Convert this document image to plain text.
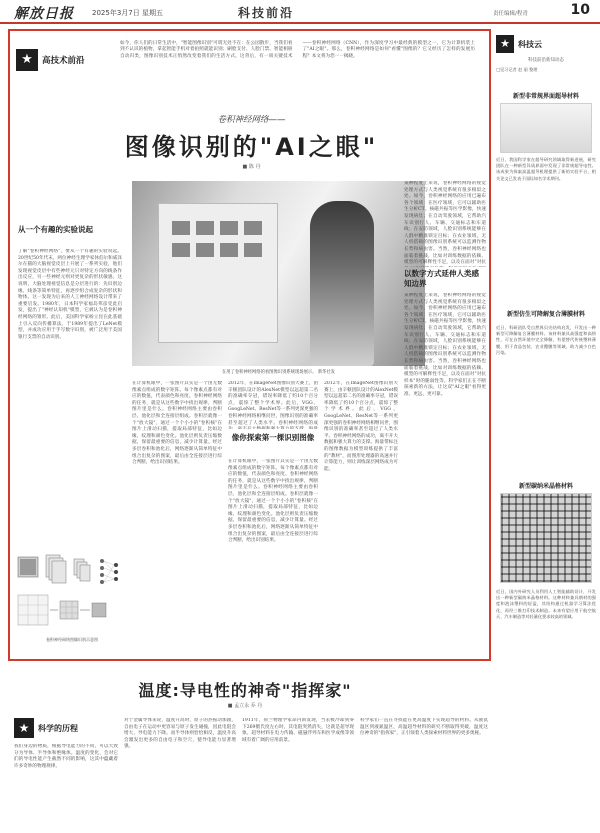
解放日报	2025年3月7日 星期五	科技前沿	责任编辑/程青	10
★	高技术前沿
如今，你人们的日常生活中，"智能图像识别"可谓无处不在：在公园散步，当我们看到不认识的植物，拿起智能手机对着拍照就能识别；刷脸支付、人脸门禁、智能相册自动归类，图像识别技术正悄然改变着我们的生活方式。这背后，有一项关键技术——卷积神经网络（CNN），作为深度学习中最经典的模型之一，它为计算机装上了"AI之眼"。那么，卷积神经网络是如何"看懂"图像的？它又经历了怎样的发展历程？本文将为您一一揭晓。
卷积神经网络——
图像识别的"AI之眼"
■ 陈 丹
从一个有趣的实验说起
了解"卷积神经网络"，要从一个有趣的实验说起。20世纪50年代末，两位神经生理学家休伯尔和威泽尔在猫的大脑视觉皮层上开展了一系列实验，他们发现视觉皮层中有些神经元只对特定方向的线条作出反应，另一些神经元则对更复杂的形状敏感。这说明，大脑处理视觉信息是分层进行的：先识别边缘、线条等简单特征，再逐步组合成复杂的形状和物体。这一发现为后来的人工神经网络设计带来了重要启发。1980年，日本科学家福岛邦彦受此启发，提出了"神经认知机"模型，它被认为是卷积神经网络的雏形。此后，美国科学家杨立昆在此基础上引入反向传播算法，于1989年提出了LeNet模型，并成功应用于手写数字识别，被广泛用于美国银行支票的自动识别。
在用了卷积神经网络的看图像识别系统现场展示。 新华社发
在计算机眼中，一张图片其实是一个由无数像素点组成的数字矩阵。每个像素点都有对应的数值，代表颜色和亮度。卷积神经网络的任务，就是从这些数字中找出规律，判断图片里是什么。卷积神经网络主要由卷积层、池化层和全连接层组成。卷积层就像一个"放大镜"，通过一个个小小的"卷积核"在图片上滑动扫描，提取局部特征，比如边缘、纹理和颜色变化。池化层则负责压缩数据，保留最重要的信息，减少计算量。经过多层卷积和池化后，网络逐渐从简单特征中组合出复杂的图案，最后由全连接层进行综合判断，给出识别结果。
像你探索第一棵识别图像
2012年，在ImageNet图像识别大赛上，由辛顿团队设计的AlexNet模型以远超第二名的准确率夺冠，错误率降低了约10个百分点，震惊了整个学术界。此后，VGG、GoogLeNet、ResNet等一系列更深更强的卷积神经网络相继问世，图像识别的准确率甚至超过了人类水平。卷积神经网络的成
在计算机眼中，一张图片其实是一个由无数像素点组成的数字矩阵。每个像素点都有对应的数值，代表颜色和亮度。卷积神经网络的任务，就是从这些数字中找出规律，判断图片里是什么。卷积神经网络主要由卷积层、池化层和全连接层组成。卷积层就像一个"放大镜"，通过一个个小小的"卷积核"在图片上滑动扫描，提取局部特征，比如边缘、纹理和颜色变化。池化层则负责压缩数据，保留最重要的信息，减少计算量。经过多层卷积和池化后，网络逐渐从简单特征中组合出复杂的图案，最后由全连接层进行综合判断，给出识别结果。
2012年，在ImageNet图像识别大赛上，由辛顿团队设计的AlexNet模型以远超第二名的准确率夺冠，错误率降低了约10个百分点，震惊了整个学术界。此后，VGG、GoogLeNet、ResNet等一系列更深更强的卷积神经网络相继问世，图像识别的准确率甚至超过了人类水平。卷积神经网络的成功，离不开大数据和强大算力的支撑。海量带标注的图像数据为模型训练提供了丰富的"教材"，而图形处理器的高速并行计算能力，则让训练深层网络成为可能。
某种程度上来说，卷积神经网络的视觉处理方式与人类视觉系统有很多相似之处。如今，卷积神经网络的应用已遍布各个领域：在医疗领域，它可以辅助医生分析CT、核磁共振等医学影像，快速发现病灶；在自动驾驶领域，它帮助汽车识别行人、车辆、交通标志和车道线；在安防领域，人脸识别系统能够在人群中精准锁定目标；在农业领域，无人机搭载的图像识别系统可以监测作物长势和病虫害。当然，卷积神经网络也面临着挑战，比如对训练数据的依赖、模型的可解释性不足，以及在面对"对抗
以数字方式延伸人类感知边界
某种程度上来说，卷积神经网络的视觉处理方式与人类视觉系统有很多相似之处。如今，卷积神经网络的应用已遍布各个领域：在医疗领域，它可以辅助医生分析CT、核磁共振等医学影像，快速发现病灶；在自动驾驶领域，它帮助汽车识别行人、车辆、交通标志和车道线；在安防领域，人脸识别系统能够在人群中精准锁定目标；在农业领域，无人机搭载的图像识别系统可以监测作物长势和病虫害。当然，卷积神经网络也面临着挑战，比如对训练数据的依赖、模型的可解释性不足，以及在面对"对抗样本"时的脆弱性等。科学家们正在不断探索新的方法，让这双"AI之眼"看得更准、更远、更可靠。
卷积神经网络图像识别示意图
★	科技云
科技前沿新知动态
□见习记者 赵 丽 整理
新型非常规界面超导材料
近日，我国科学家在超导研究领域取得新进展，研究团队在一种新型异质界面中发现了非常规超导电性。该成果为探索高温超导机理提供了新的实验平台，相关论文已发表于国际知名学术期刊。
新型仿生可降解复合薄膜材料
近日，科研团队受自然界贝壳结构启发，开发出一种新型可降解复合薄膜材料。该材料兼具高强度和高韧性，可在自然环境中完全降解，有望替代传统塑料薄膜，用于食品包装、农业覆膜等领域，助力减少白色污染。
新型碳纳米晶格材料
近日，国内外研究人员利用人工智能辅助设计，开发出一种新型碳纳米晶格材料。这种材料兼具钢材的强度和泡沫塑料的轻盈，其结构通过机器学习算法优化，再经三维打印技术制造。未来有望应用于航空航天、汽车制造等对轻量化要求较高的领域。
温度:导电性的神奇"指挥家"
■ 孟立永 乔 丹
★	科学的历程
我们身边的物质，根据导电能力的不同，可以大致分为导体、半导体和绝缘体。温度的变化，会对它们的导电性能产生截然不同的影响，这其中蕴藏着许多奇妙的物理规律。
对于金属导体来说，温度升高时，原子的热振动加剧，自由电子在运动中更容易与原子发生碰撞，因此电阻会增大，导电能力下降。而半导体则恰恰相反，温度升高会激发出更多的自由电子和空穴，使导电能力显著增强。
1911年，荷兰物理学家昂内斯发现，当汞被冷却到零下269摄氏度左右时，其电阻突然消失，这就是超导现象。超导材料在电力传输、磁悬浮列车和医学成像等领域有着广阔的应用前景。
科学家们一直在寻找能在更高温度下实现超导的材料。从液氦温区到液氮温区，高温超导材料的研究不断取得突破，温度这位神奇的"指挥家"，正引领着人类探索材料世界的更多奥秘。
